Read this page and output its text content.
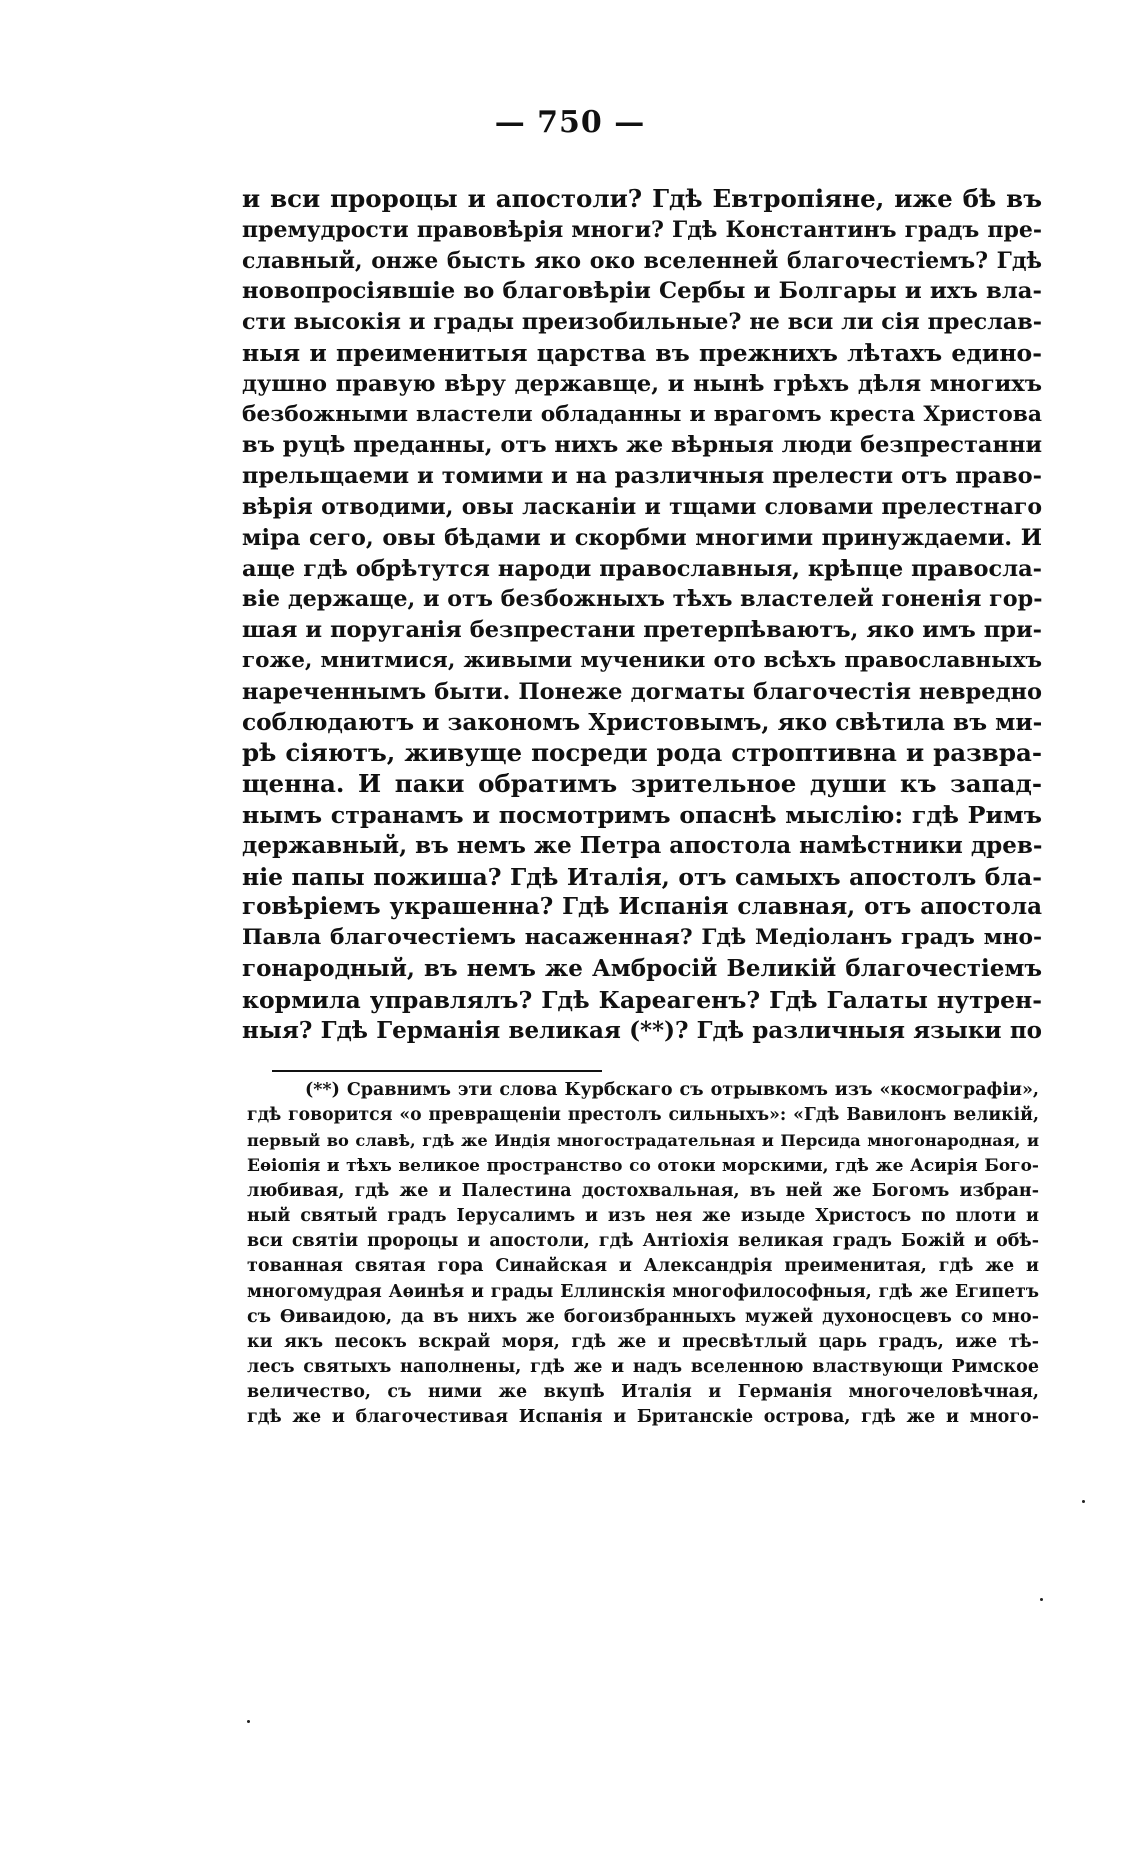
— 750 —
и вси пророцы и апостоли? Гдѣ Евтропіяне, иже бѣ въ
премудрости правовѣрія многи? Гдѣ Константинъ градъ пре-
славный, онже бысть яко око вселенней благочестіемъ? Гдѣ
новопросіявшіе во благовѣріи Сербы и Болгары и ихъ вла-
сти высокія и грады преизобильные? не вси ли сія преслав-
ныя и преименитыя царства въ прежнихъ лѣтахъ едино-
душно правую вѣру державще, и нынѣ грѣхъ дѣля многихъ
безбожными властели обладанны и врагомъ креста Христова
въ руцѣ преданны, отъ нихъ же вѣрныя люди безпрестанни
прельщаеми и томими и на различныя прелести отъ право-
вѣрія отводими, овы ласканіи и тщами словами прелестнаго
міра сего, овы бѣдами и скорбми многими принуждаеми. И
аще гдѣ обрѣтутся народи православныя, крѣпце правосла-
віе держаще, и отъ безбожныхъ тѣхъ властелей гоненія гор-
шая и поруганія безпрестани претерпѣваютъ, яко имъ при-
гоже, мнитмися, живыми мученики ото всѣхъ православныхъ
нареченнымъ быти. Понеже догматы благочестія невредно
соблюдаютъ и закономъ Христовымъ, яко свѣтила въ ми-
рѣ сіяютъ, живуще посреди рода строптивна и развра-
щенна. И паки обратимъ зрительное души къ запад-
нымъ странамъ и посмотримъ опаснѣ мыслію: гдѣ Римъ
державный, въ немъ же Петра апостола намѣстники древ-
ніе папы пожиша? Гдѣ Италія, отъ самыхъ апостолъ бла-
говѣріемъ украшенна? Гдѣ Испанія славная, отъ апостола
Павла благочестіемъ насаженная? Гдѣ Медіоланъ градъ мно-
гонародный, въ немъ же Амбросій Великій благочестіемъ
кормила управлялъ? Гдѣ Кареагенъ? Гдѣ Галаты нутрен-
ныя? Гдѣ Германія великая (**)? Гдѣ различныя языки по
(**) Сравнимъ эти слова Курбскаго съ отрывкомъ изъ «космографіи»,
гдѣ говорится «о превращеніи престолъ сильныхъ»: «Гдѣ Вавилонъ великій,
первый во славѣ, гдѣ же Индія многострадательная и Персида многонародная, и
Еѳіопія и тѣхъ великое пространство со отоки морскими, гдѣ же Асирія Бого-
любивая, гдѣ же и Палестина достохвальная, въ ней же Богомъ избран-
ный святый градъ Іерусалимъ и изъ нея же изыде Христосъ по плоти и
вси святіи пророцы и апостоли, гдѣ Антіохія великая градъ Божій и обѣ-
тованная святая гора Синайская и Александрія преименитая, гдѣ же и
многомудрая Аѳинѣя и грады Еллинскія многофилософныя, гдѣ же Египетъ
съ Ѳиваидою, да въ нихъ же богоизбранныхъ мужей духоносцевъ со мно-
ки якъ песокъ вскрай моря, гдѣ же и пресвѣтлый царь градъ, иже тѣ-
лесъ святыхъ наполнены, гдѣ же и надъ вселенною властвующи Римское
величество, съ ними же вкупѣ Италія и Германія многочеловѣчная,
гдѣ же и благочестивая Испанія и Британскіе острова, гдѣ же и много-
